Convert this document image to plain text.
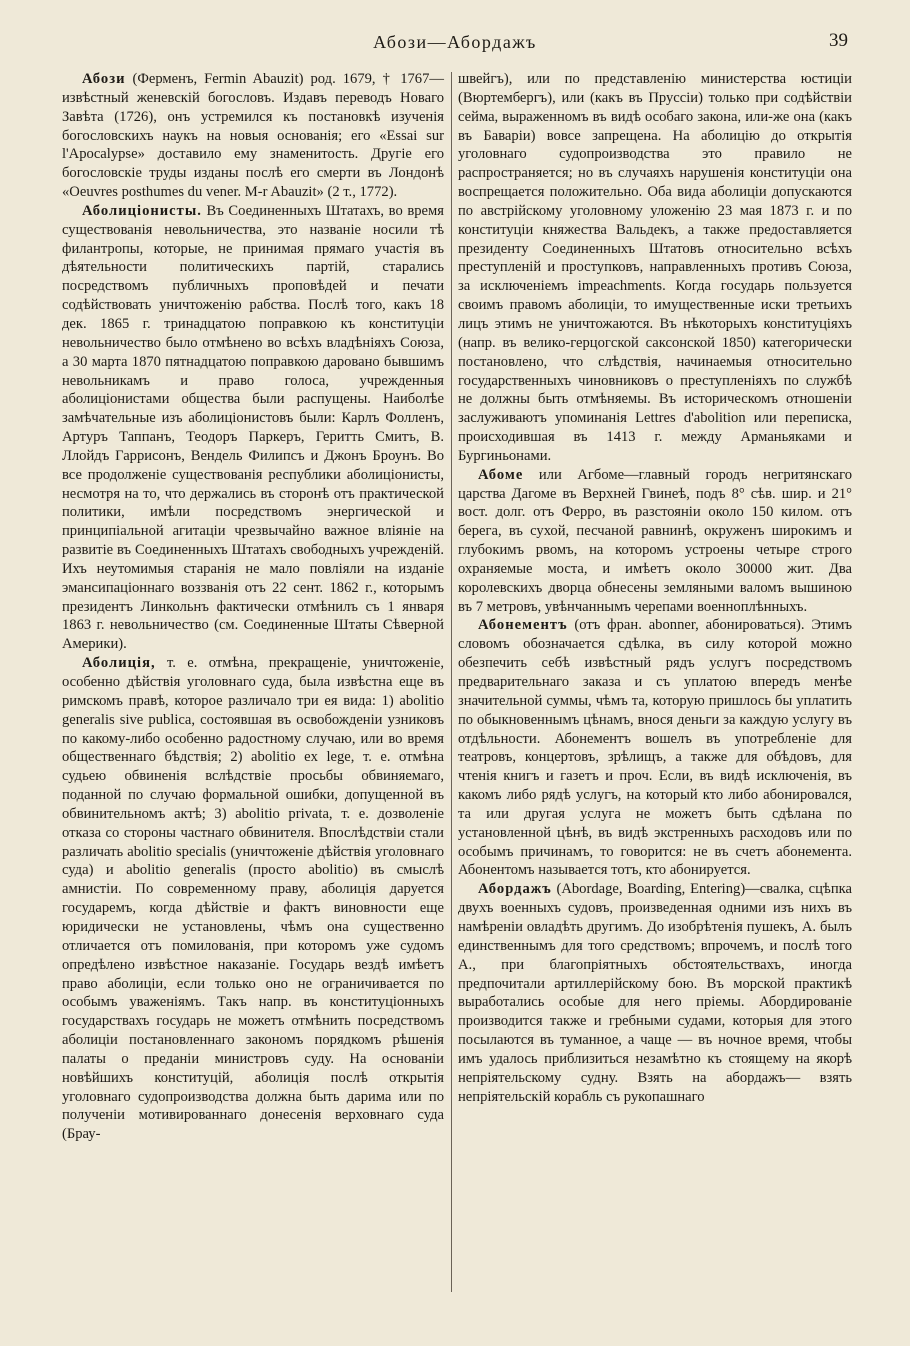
Абози—Абордажъ	39

Абози (Ферменъ, Fermin Abauzit) род. 1679, † 1767—извѣстный женевскій богословъ. Издавъ переводъ Новаго Завѣта (1726), онъ устремился къ постановкѣ изученія богословскихъ наукъ на новыя основанія; его «Essai sur l'Apocalypse» доставило ему знаменитость. Другіе его богословскіе труды изданы послѣ его смерти въ Лондонѣ «Oeuvres posthumes du vener. M-r Abauzit» (2 т., 1772).

Аболиціонисты. Въ Соединенныхъ Штатахъ, во время существованія невольничества, это названіе носили тѣ филантропы, которые, не принимая прямаго участія въ дѣятельности политическихъ партій, старались посредствомъ публичныхъ проповѣдей и печати содѣйствовать уничтоженію рабства. Послѣ того, какъ 18 дек. 1865 г. тринадцатою поправкою къ конституціи невольничество было отмѣнено во всѣхъ владѣніяхъ Союза, а 30 марта 1870 пятнадцатою поправкою даровано бывшимъ невольникамъ и право голоса, учрежденныя аболиціонистами общества были распущены. Наиболѣе замѣчательные изъ аболиціонистовъ были: Карлъ Фолленъ, Артуръ Таппанъ, Теодоръ Паркеръ, Геритть Смитъ, В. Ллойдъ Гаррисонъ, Вендель Филипсъ и Джонъ Броунъ. Во все продолженіе существованія республики аболиціонисты, несмотря на то, что держались въ сторонѣ отъ практической политики, имѣли посредствомъ энергической и принципіальной агитаціи чрезвычайно важное вліяніе на развитіе въ Соединенныхъ Штатахъ свободныхъ учрежденій. Ихъ неутомимыя старанія не мало повліяли на изданіе эмансипаціоннаго воззванія отъ 22 сент. 1862 г., которымъ президентъ Линкольнъ фактически отмѣнилъ съ 1 января 1863 г. невольничество (см. Соединенные Штаты Сѣверной Америки).

Аболиція, т. е. отмѣна, прекращеніе, уничтоженіе, особенно дѣйствія уголовнаго суда, была извѣстна еще въ римскомъ правѣ, которое различало три ея вида: 1) abolitio generalis sive publica, состоявшая въ освобожденіи узниковъ по какому-либо особенно радостному случаю, или во время общественнаго бѣдствія; 2) abolitio ex lege, т. е. отмѣна судьею обвиненія вслѣдствіе просьбы обвиняемаго, поданной по случаю формальной ошибки, допущенной въ обвинительномъ актѣ; 3) abolitio privata, т. е. дозволеніе отказа со стороны частнаго обвинителя. Впослѣдствіи стали различать abolitio specialis (уничтоженіе дѣйствія уголовнаго суда) и abolitio generalis (просто abolitio) въ смыслѣ амнистіи. По современному праву, аболиція даруется государемъ, когда дѣйствіе и фактъ виновности еще юридически не установлены, чѣмъ она существенно отличается отъ помилованія, при которомъ уже судомъ опредѣлено извѣстное наказаніе. Государь вездѣ имѣетъ право аболиціи, если только оно не ограничивается по особымъ уваженіямъ. Такъ напр. въ конституціонныхъ государствахъ государь не можетъ отмѣнить посредствомъ аболиціи постановленнаго закономъ порядкомъ рѣшенія палаты о преданіи министровъ суду. На основаніи новѣйшихъ конституцій, аболиція послѣ открытія уголовнаго судопроизводства должна быть дарима или по полученіи мотивированнаго донесенія верховнаго суда (Брау-

швейгъ), или по представленію министерства юстиціи (Вюртембергъ), или (какъ въ Пруссіи) только при содѣйствіи сейма, выраженномъ въ видѣ особаго закона, или-же она (какъ въ Баваріи) вовсе запрещена. На аболицію до открытія уголовнаго судопроизводства это правило не распространяется; но въ случаяхъ нарушенія конституціи она воспрещается положительно. Оба вида аболиціи допускаются по австрійскому уголовному уложенію 23 мая 1873 г. и по конституціи княжества Вальдекъ, а также предоставляется президенту Соединенныхъ Штатовъ относительно всѣхъ преступленій и проступковъ, направленныхъ противъ Союза, за исключеніемъ impeachments. Когда государь пользуется своимъ правомъ аболиціи, то имущественные иски третьихъ лицъ этимъ не уничтожаются. Въ нѣкоторыхъ конституціяхъ (напр. въ велико-герцогской саксонской 1850) категорически постановлено, что слѣдствія, начинаемыя относительно государственныхъ чиновниковъ о преступленіяхъ по службѣ не должны быть отмѣняемы. Въ историческомъ отношеніи заслуживаютъ упоминанія Lettres d'abolition или переписка, происходившая въ 1413 г. между Арманьяками и Бургиньонами.

Абоме или Агбоме—главный городъ негритянскаго царства Дагоме въ Верхней Гвинеѣ, подъ 8° сѣв. шир. и 21° вост. долг. отъ Ферро, въ разстояніи около 150 килом. отъ берега, въ сухой, песчаной равнинѣ, окруженъ широкимъ и глубокимъ рвомъ, на которомъ устроены четыре строго охраняемые моста, и имѣетъ около 30000 жит. Два королевскихъ дворца обнесены земляными валомъ вышиною въ 7 метровъ, увѣнчаннымъ черепами военноплѣнныхъ.

Абонементъ (отъ фран. abonner, абонироваться). Этимъ словомъ обозначается сдѣлка, въ силу которой можно обезпечить себѣ извѣстный рядъ услугъ посредствомъ предварительнаго заказа и съ уплатою впередъ менѣе значительной суммы, чѣмъ та, которую пришлось бы уплатить по обыкновеннымъ цѣнамъ, внося деньги за каждую услугу въ отдѣльности. Абонементъ вошелъ въ употребленіе для театровъ, концертовъ, зрѣлищъ, а также для обѣдовъ, для чтенія книгъ и газетъ и проч. Если, въ видѣ исключенія, въ какомъ либо рядѣ услугъ, на который кто либо абонировался, та или другая услуга не можетъ быть сдѣлана по установленной цѣнѣ, въ видѣ экстренныхъ расходовъ или по особымъ причинамъ, то говорится: не въ счетъ абонемента. Абонентомъ называется тотъ, кто абонируется.

Абордажъ (Abordage, Boarding, Entering)—свалка, сцѣпка двухъ военныхъ судовъ, произведенная одними изъ нихъ въ намѣреніи овладѣть другимъ. До изобрѣтенія пушекъ, А. былъ единственнымъ для того средствомъ; впрочемъ, и послѣ того А., при благопріятныхъ обстоятельствахъ, иногда предпочитали артиллерійскому бою. Въ морской практикѣ выработались особые для него пріемы. Абордированіе производится также и гребными судами, которыя для этого посылаются въ туманное, а чаще — въ ночное время, чтобы имъ удалось приблизиться незамѣтно къ стоящему на якорѣ непріятельскому судну. Взять на абордажъ— взять непріятельскій корабль съ рукопашнаго
